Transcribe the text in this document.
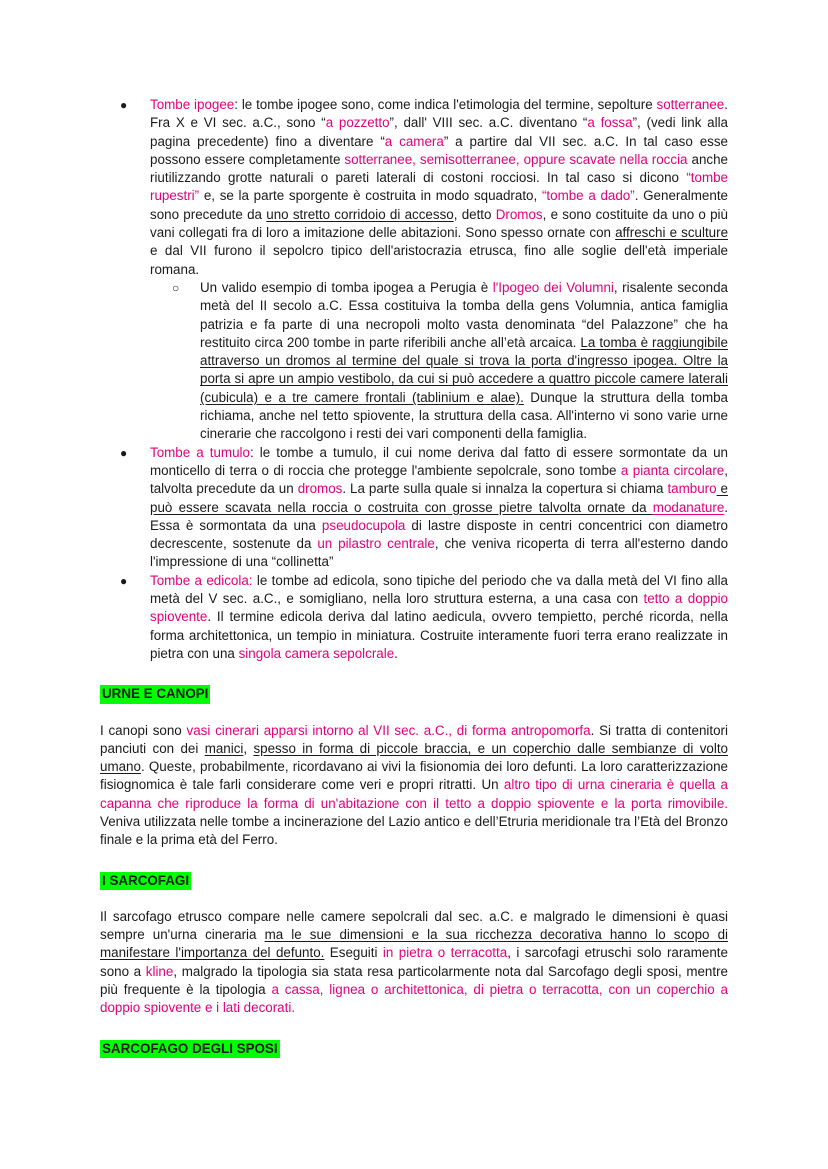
● Tombe ipogee: le tombe ipogee sono, come indica l'etimologia del termine, sepolture sotterranee. Fra X e VI sec. a.C., sono “a pozzetto”, dall' VIII sec. a.C. diventano “a fossa”, (vedi link alla pagina precedente) fino a diventare “a camera” a partire dal VII sec. a.C. In tal caso esse possono essere completamente sotterranee, semisotterranee, oppure scavate nella roccia anche riutilizzando grotte naturali o pareti laterali di costoni rocciosi. In tal caso si dicono “tombe rupestri” e, se la parte sporgente è costruita in modo squadrato, “tombe a dado”. Generalmente sono precedute da uno stretto corridoio di accesso, detto Dromos, e sono costituite da uno o più vani collegati fra di loro a imitazione delle abitazioni. Sono spesso ornate con affreschi e sculture e dal VII furono il sepolcro tipico dell'aristocrazia etrusca, fino alle soglie dell'età imperiale romana.
○ Un valido esempio di tomba ipogea a Perugia è l'Ipogeo dei Volumni, risalente seconda metà del II secolo a.C. Essa costituiva la tomba della gens Volumnia, antica famiglia patrizia e fa parte di una necropoli molto vasta denominata “del Palazzone” che ha restituito circa 200 tombe in parte riferibili anche all’età arcaica. La tomba è raggiungibile attraverso un dromos al termine del quale si trova la porta d'ingresso ipogea. Oltre la porta si apre un ampio vestibolo, da cui si può accedere a quattro piccole camere laterali (cubicula) e a tre camere frontali (tablinium e alae). Dunque la struttura della tomba richiama, anche nel tetto spiovente, la struttura della casa. All'interno vi sono varie urne cinerarie che raccolgono i resti dei vari componenti della famiglia.
● Tombe a tumulo: le tombe a tumulo, il cui nome deriva dal fatto di essere sormontate da un monticello di terra o di roccia che protegge l'ambiente sepolcrale, sono tombe a pianta circolare, talvolta precedute da un dromos. La parte sulla quale si innalza la copertura si chiama tamburo e può essere scavata nella roccia o costruita con grosse pietre talvolta ornate da modanature. Essa è sormontata da una pseudocupola di lastre disposte in centri concentrici con diametro decrescente, sostenute da un pilastro centrale, che veniva ricoperta di terra all'esterno dando l'impressione di una “collinetta”
● Tombe a edicola: le tombe ad edicola, sono tipiche del periodo che va dalla metà del VI fino alla metà del V sec. a.C., e somigliano, nella loro struttura esterna, a una casa con tetto a doppio spiovente. Il termine edicola deriva dal latino aedicula, ovvero tempietto, perché ricorda, nella forma architettonica, un tempio in miniatura. Costruite interamente fuori terra erano realizzate in pietra con una singola camera sepolcrale.

URNE E CANOPI

I canopi sono vasi cinerari apparsi intorno al VII sec. a.C., di forma antropomorfa. Si tratta di contenitori panciuti con dei manici, spesso in forma di piccole braccia, e un coperchio dalle sembianze di volto umano. Queste, probabilmente, ricordavano ai vivi la fisionomia dei loro defunti. La loro caratterizzazione fisiognomica è tale farli considerare come veri e propri ritratti. Un altro tipo di urna cineraria è quella a capanna che riproduce la forma di un'abitazione con il tetto a doppio spiovente e la porta rimovibile. Veniva utilizzata nelle tombe a incinerazione del Lazio antico e dell’Etruria meridionale tra l’Età del Bronzo finale e la prima età del Ferro.

I SARCOFAGI

Il sarcofago etrusco compare nelle camere sepolcrali dal sec. a.C. e malgrado le dimensioni è quasi sempre un'urna cineraria ma le sue dimensioni e la sua ricchezza decorativa hanno lo scopo di manifestare l'importanza del defunto. Eseguiti in pietra o terracotta, i sarcofagi etruschi solo raramente sono a kline, malgrado la tipologia sia stata resa particolarmente nota dal Sarcofago degli sposi, mentre più frequente è la tipologia a cassa, lignea o architettonica, di pietra o terracotta, con un coperchio a doppio spiovente e i lati decorati.

SARCOFAGO DEGLI SPOSI
